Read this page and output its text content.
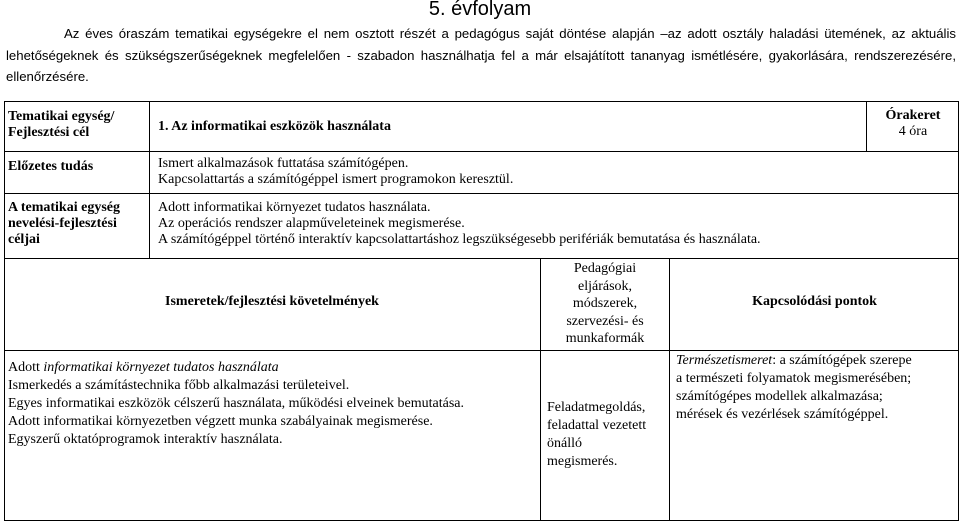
5. évfolyam

Az éves óraszám tematikai egységekre el nem osztott részét a pedagógus saját döntése alapján –az adott osztály haladási ütemének, az aktuális lehetőségeknek és szükségszerűségeknek megfelelően - szabadon használhatja fel a már elsajátított tananyag ismétlésére, gyakorlására, rendszerezésére, ellenőrzésére.

Tematikai egység/
Fejlesztési cél
Előzetes tudás
A tematikai egység
nevelési-fejlesztési
céljai
1. Az informatikai eszközök használata
Órakeret
4 óra
Ismert alkalmazások futtatása számítógépen.
Kapcsolattartás a számítógéppel ismert programokon keresztül.
Adott informatikai környezet tudatos használata.
Az operációs rendszer alapműveleteinek megismerése.
A számítógéppel történő interaktív kapcsolattartáshoz legszükségesebb perifériák bemutatása és használata.
Ismeretek/fejlesztési követelmények
Pedagógiai
eljárások,
módszerek,
szervezési- és
munkaformák
Kapcsolódási pontok
Adott informatikai környezet tudatos használata
Ismerkedés a számítástechnika főbb alkalmazási területeivel.
Egyes informatikai eszközök célszerű használata, működési elveinek bemutatása.
Adott informatikai környezetben végzett munka szabályainak megismerése.
Egyszerű oktatóprogramok interaktív használata.
Feladatmegoldás,
feladattal vezetett
önálló
megismerés.
Természetismeret: a számítógépek szerepe
a természeti folyamatok megismerésében;
számítógépes modellek alkalmazása;
mérések és vezérlések számítógéppel.
